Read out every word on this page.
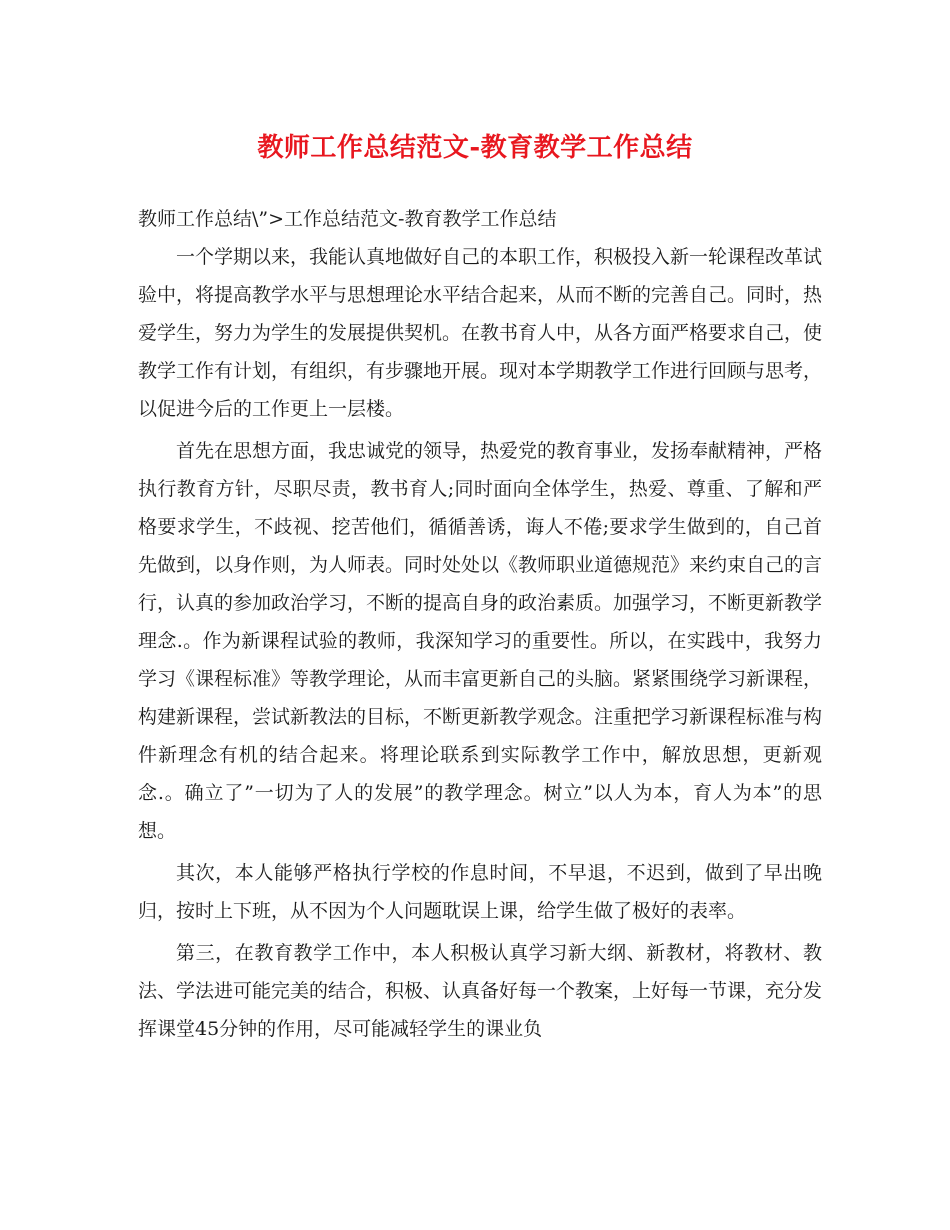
教师工作总结范文-教育教学工作总结

教师工作总结\”>工作总结范文-教育教学工作总结

一个学期以来，我能认真地做好自己的本职工作，积极投入新一轮课程改革试验中，将提高教学水平与思想理论水平结合起来，从而不断的完善自己。同时，热爱学生，努力为学生的发展提供契机。在教书育人中，从各方面严格要求自己，使教学工作有计划，有组织，有步骤地开展。现对本学期教学工作进行回顾与思考，以促进今后的工作更上一层楼。

首先在思想方面，我忠诚党的领导，热爱党的教育事业，发扬奉献精神，严格执行教育方针，尽职尽责，教书育人;同时面向全体学生，热爱、尊重、了解和严格要求学生，不歧视、挖苦他们，循循善诱，诲人不倦;要求学生做到的，自己首先做到，以身作则，为人师表。同时处处以《教师职业道德规范》来约束自己的言行，认真的参加政治学习，不断的提高自身的政治素质。加强学习，不断更新教学理念.。作为新课程试验的教师，我深知学习的重要性。所以，在实践中，我努力学习《课程标准》等教学理论，从而丰富更新自己的头脑。紧紧围绕学习新课程，构建新课程，尝试新教法的目标，不断更新教学观念。注重把学习新课程标准与构件新理念有机的结合起来。将理论联系到实际教学工作中，解放思想，更新观念.。确立了”一切为了人的发展”的教学理念。树立”以人为本，育人为本”的思想。

其次，本人能够严格执行学校的作息时间，不早退，不迟到，做到了早出晚归，按时上下班，从不因为个人问题耽误上课，给学生做了极好的表率。

第三，在教育教学工作中，本人积极认真学习新大纲、新教材，将教材、教法、学法进可能完美的结合，积极、认真备好每一个教案，上好每一节课，充分发挥课堂45分钟的作用，尽可能减轻学生的课业负
